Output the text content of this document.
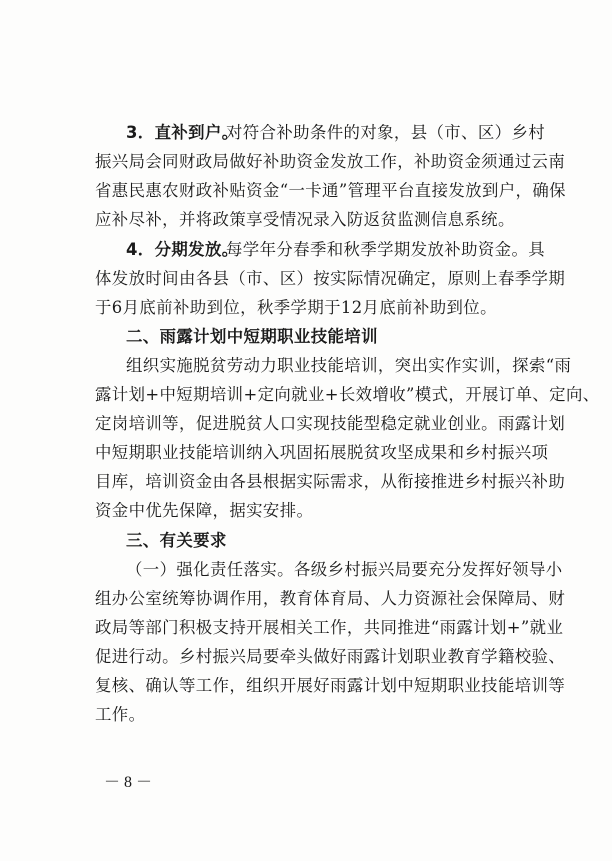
3．直补到户。
对符合补助条件的对象，县（市、区）乡村
振兴局会同财政局做好补助资金发放工作，补助资金须通过云南
省惠民惠农财政补贴资金“一卡通”管理平台直接发放到户，确保
应补尽补，并将政策享受情况录入防返贫监测信息系统。
4．分期发放。
每学年分春季和秋季学期发放补助资金。具
体发放时间由各县（市、区）按实际情况确定，原则上春季学期
于6月底前补助到位，秋季学期于12月底前补助到位。
二、雨露计划中短期职业技能培训
组织实施脱贫劳动力职业技能培训，突出实作实训，探索“雨
露计划+中短期培训+定向就业+长效增收”模式，开展订单、定向、
定岗培训等，促进脱贫人口实现技能型稳定就业创业。雨露计划
中短期职业技能培训纳入巩固拓展脱贫攻坚成果和乡村振兴项
目库，培训资金由各县根据实际需求，从衔接推进乡村振兴补助
资金中优先保障，据实安排。
三、有关要求
（一）强化责任落实。各级乡村振兴局要充分发挥好领导小
组办公室统筹协调作用，教育体育局、人力资源社会保障局、财
政局等部门积极支持开展相关工作，共同推进“雨露计划+”就业
促进行动。乡村振兴局要牵头做好雨露计划职业教育学籍校验、
复核、确认等工作，组织开展好雨露计划中短期职业技能培训等
工作。
－ 8 －
